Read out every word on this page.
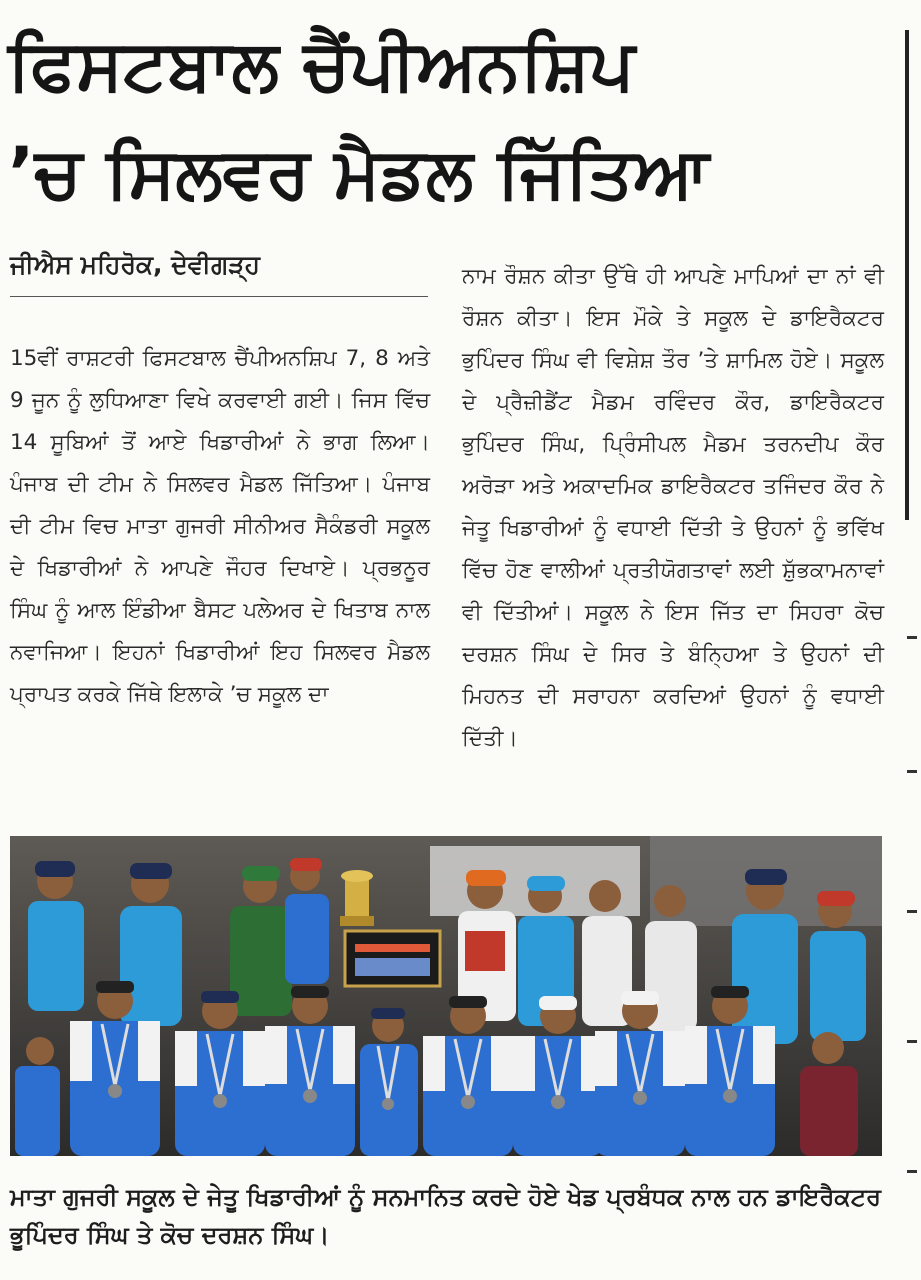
ਫਿਸਟਬਾਲ ਚੈਂਪੀਅਨਸ਼ਿਪ
’ਚ ਸਿਲਵਰ ਮੈਡਲ ਜਿੱਤਿਆ
ਜੀਐਸ ਮਹਿਰੋਕ, ਦੇਵੀਗੜ੍ਹ

15ਵੀਂ ਰਾਸ਼ਟਰੀ ਫਿਸਟਬਾਲ ਚੈਂਪੀਅਨਸ਼ਿਪ 7, 8 ਅਤੇ 9 ਜੂਨ ਨੂੰ ਲੁਧਿਆਣਾ ਵਿਖੇ ਕਰਵਾਈ ਗਈ। ਜਿਸ ਵਿੱਚ 14 ਸੂਬਿਆਂ ਤੋਂ ਆਏ ਖਿਡਾਰੀਆਂ ਨੇ ਭਾਗ ਲਿਆ। ਪੰਜਾਬ ਦੀ ਟੀਮ ਨੇ ਸਿਲਵਰ ਮੈਡਲ ਜਿੱਤਿਆ। ਪੰਜਾਬ ਦੀ ਟੀਮ ਵਿਚ ਮਾਤਾ ਗੁਜਰੀ ਸੀਨੀਅਰ ਸੈਕੰਡਰੀ ਸਕੂਲ ਦੇ ਖਿਡਾਰੀਆਂ ਨੇ ਆਪਣੇ ਜੌਹਰ ਦਿਖਾਏ। ਪ੍ਰਭਨੂਰ ਸਿੰਘ ਨੂੰ ਆਲ ਇੰਡੀਆ ਬੈਸਟ ਪਲੇਅਰ ਦੇ ਖਿਤਾਬ ਨਾਲ ਨਵਾਜਿਆ। ਇਹਨਾਂ ਖਿਡਾਰੀਆਂ ਇਹ ਸਿਲਵਰ ਮੈਡਲ ਪ੍ਰਾਪਤ ਕਰਕੇ ਜਿੱਥੇ ਇਲਾਕੇ ’ਚ ਸਕੂਲ ਦਾ

ਨਾਮ ਰੌਸ਼ਨ ਕੀਤਾ ਉੱਥੇ ਹੀ ਆਪਣੇ ਮਾਪਿਆਂ ਦਾ ਨਾਂ ਵੀ ਰੌਸ਼ਨ ਕੀਤਾ। ਇਸ ਮੌਕੇ ਤੇ ਸਕੂਲ ਦੇ ਡਾਇਰੈਕਟਰ ਭੁਪਿੰਦਰ ਸਿੰਘ ਵੀ ਵਿਸ਼ੇਸ਼ ਤੌਰ ’ਤੇ ਸ਼ਾਮਿਲ ਹੋਏ। ਸਕੂਲ ਦੇ ਪ੍ਰੈਜ਼ੀਡੈਂਟ ਮੈਡਮ ਰਵਿੰਦਰ ਕੌਰ, ਡਾਇਰੈਕਟਰ ਭੁਪਿੰਦਰ ਸਿੰਘ, ਪ੍ਰਿੰਸੀਪਲ ਮੈਡਮ ਤਰਨਦੀਪ ਕੌਰ ਅਰੋੜਾ ਅਤੇ ਅਕਾਦਮਿਕ ਡਾਇਰੈਕਟਰ ਤਜਿੰਦਰ ਕੌਰ ਨੇ ਜੇਤੂ ਖਿਡਾਰੀਆਂ ਨੂੰ ਵਧਾਈ ਦਿੱਤੀ ਤੇ ਉਹਨਾਂ ਨੂੰ ਭਵਿੱਖ ਵਿੱਚ ਹੋਣ ਵਾਲੀਆਂ ਪ੍ਰਤੀਯੋਗਤਾਵਾਂ ਲਈ ਸ਼ੁੱਭਕਾਮਨਾਵਾਂ ਵੀ ਦਿੱਤੀਆਂ। ਸਕੂਲ ਨੇ ਇਸ ਜਿੱਤ ਦਾ ਸਿਹਰਾ ਕੋਚ ਦਰਸ਼ਨ ਸਿੰਘ ਦੇ ਸਿਰ ਤੇ ਬੰਨ੍ਹਿਆ ਤੇ ਉਹਨਾਂ ਦੀ ਮਿਹਨਤ ਦੀ ਸਰਾਹਨਾ ਕਰਦਿਆਂ ਉਹਨਾਂ ਨੂੰ ਵਧਾਈ ਦਿੱਤੀ।

ਮਾਤਾ ਗੁਜਰੀ ਸਕੂਲ ਦੇ ਜੇਤੂ ਖਿਡਾਰੀਆਂ ਨੂੰ ਸਨਮਾਨਿਤ ਕਰਦੇ ਹੋਏ ਖੇਡ ਪ੍ਰਬੰਧਕ ਨਾਲ ਹਨ ਡਾਇਰੈਕਟਰ ਭੂਪਿੰਦਰ ਸਿੰਘ ਤੇ ਕੋਚ ਦਰਸ਼ਨ ਸਿੰਘ।
